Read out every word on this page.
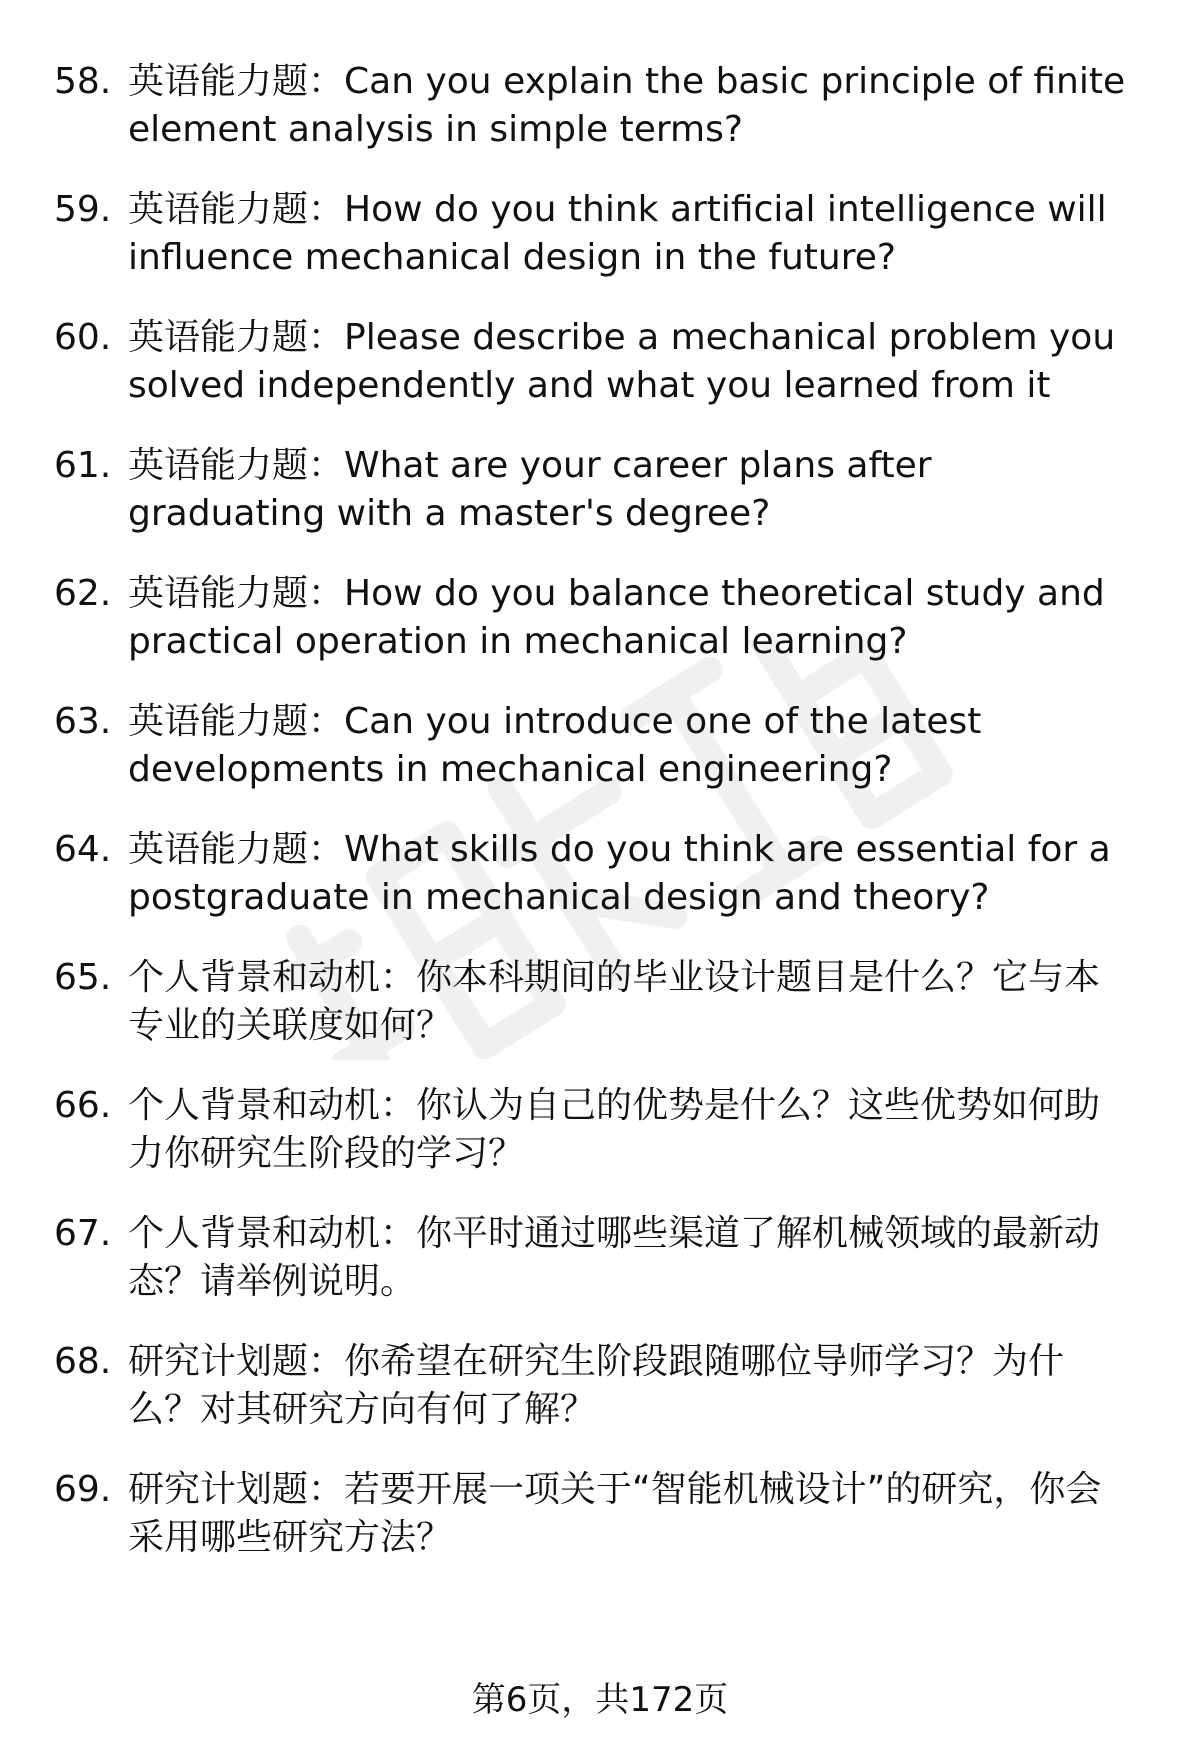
58. 英语能力题：Can you explain the basic principle of finite element analysis in simple terms?
59. 英语能力题：How do you think artificial intelligence will influence mechanical design in the future?
60. 英语能力题：Please describe a mechanical problem you solved independently and what you learned from it
61. 英语能力题：What are your career plans after graduating with a master's degree?
62. 英语能力题：How do you balance theoretical study and practical operation in mechanical learning?
63. 英语能力题：Can you introduce one of the latest developments in mechanical engineering?
64. 英语能力题：What skills do you think are essential for a postgraduate in mechanical design and theory?
65. 个人背景和动机：你本科期间的毕业设计题目是什么？它与本专业的关联度如何？
66. 个人背景和动机：你认为自己的优势是什么？这些优势如何助力你研究生阶段的学习？
67. 个人背景和动机：你平时通过哪些渠道了解机械领域的最新动态？请举例说明。
68. 研究计划题：你希望在研究生阶段跟随哪位导师学习？为什么？对其研究方向有何了解？
69. 研究计划题：若要开展一项关于“智能机械设计”的研究，你会采用哪些研究方法？
第6页，共172页
